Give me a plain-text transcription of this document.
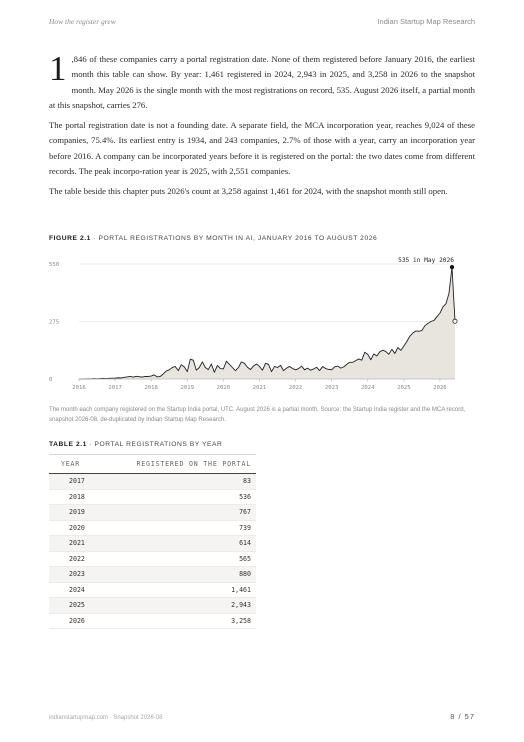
How the register grew	Indian Startup Map Research

1 ,846 of these companies carry a portal registration date. None of them registered before January 2016, the earliest month this table can show. By year: 1,461 registered in 2024, 2,943 in 2025, and 3,258 in 2026 to the snapshot month. May 2026 is the single month with the most registrations on record, 535. August 2026 itself, a partial month at this snapshot, carries 276.

The portal registration date is not a founding date. A separate field, the MCA incorporation year, reaches 9,024 of these companies, 75.4%. Its earliest entry is 1934, and 243 companies, 2.7% of those with a year, carry an incorporation year before 2016. A company can be incorporated years before it is registered on the portal: the two dates come from different records. The peak incorpo-ration year is 2025, with 2,551 companies.

The table beside this chapter puts 2026's count at 3,258 against 1,461 for 2024, with the snapshot month still open.

FIGURE 2.1 · PORTAL REGISTRATIONS BY MONTH IN AI, JANUARY 2016 TO AUGUST 2026
0
275
550
2016	2017	2018	2019	2020	2021	2022	2023	2024	2025	2026
535 in May 2026
The month each company registered on the Startup India portal, UTC. August 2026 is a partial month. Source: the Startup India register and the MCA record, snapshot 2026-08, de-duplicated by Indian Startup Map Research.
TABLE 2.1 · PORTAL REGISTRATIONS BY YEAR
YEAR	REGISTERED ON THE PORTAL
2017	83
2018	536
2019	767
2020	739
2021	614
2022	565
2023	880
2024	1,461
2025	2,943
2026	3,258
indianstartupmap.com · Snapshot 2026-08	8 / 57
